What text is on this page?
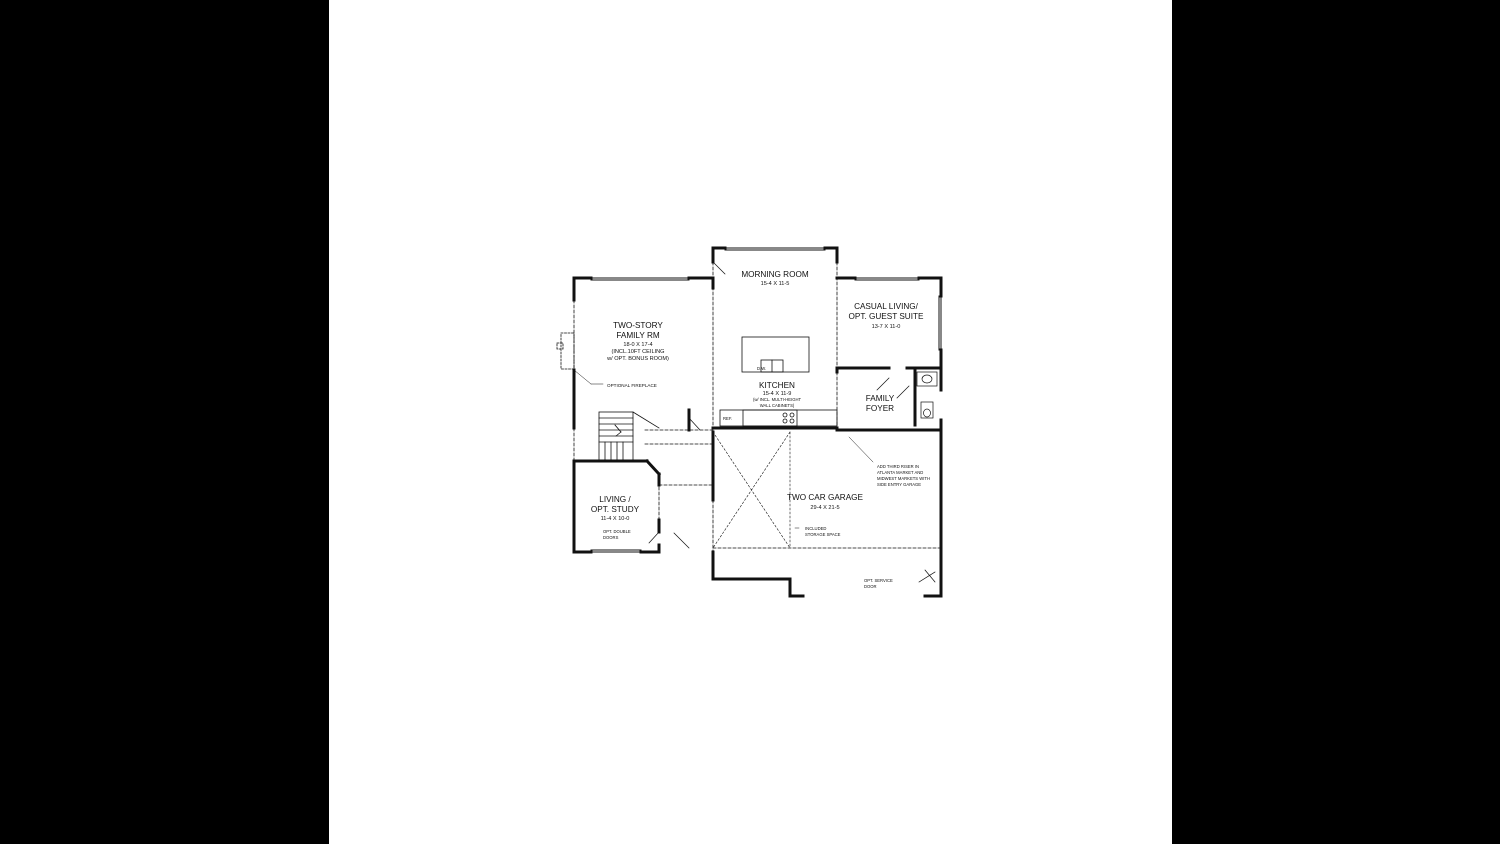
TWO-STORY
FAMILY RM
18-0 X 17-4
(INCL.10FT CEILING
w/ OPT. BONUS ROOM)
MORNING ROOM
15-4 X 11-5
CASUAL LIVING/
OPT. GUEST SUITE
13-7 X 11-0
KITCHEN
15-4 X 11-9
(w/ INCL. MULTI-HEIGHT
WALL CABINETS)
FAMILY
FOYER
LIVING /
OPT. STUDY
11-4 X 10-0
TWO CAR GARAGE
29-4 X 21-5
OPTIONAL FIREPLACE
D.W.
REF.
ADD THIRD RISER IN
ATLANTA MARKET AND
MIDWEST MARKETS WITH
SIDE ENTRY GARAGE
INCLUDED
STORAGE SPACE
OPT. DOUBLE
DOORS
OPT. SERVICE
DOOR
